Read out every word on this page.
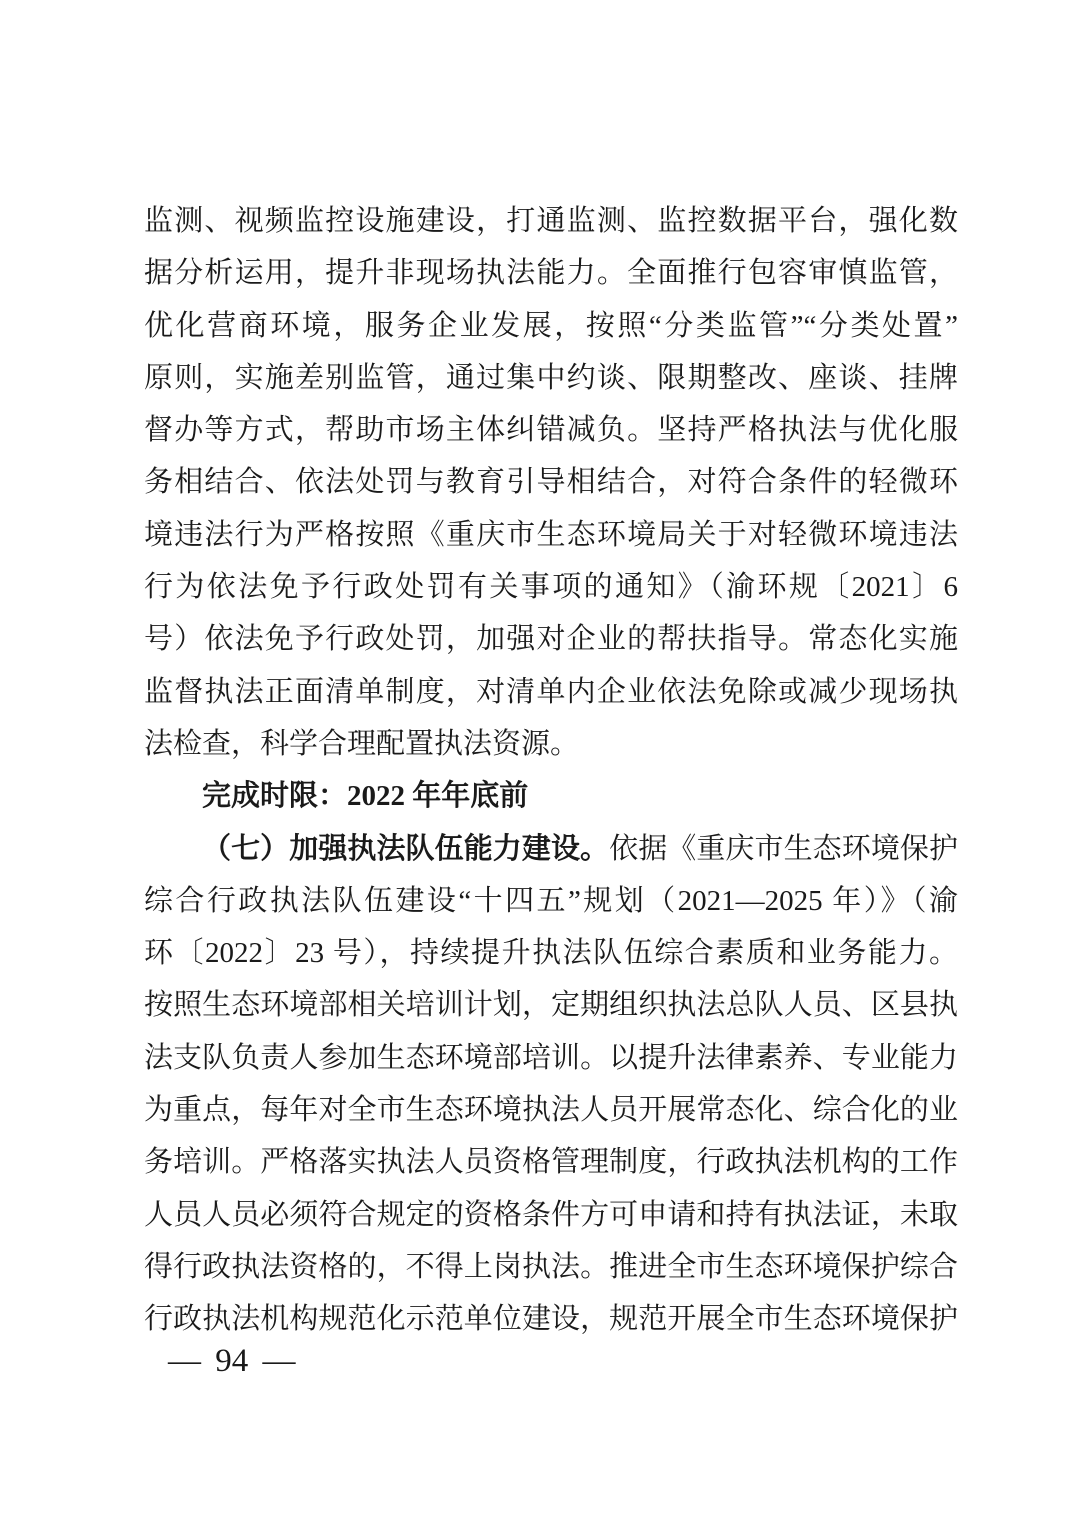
监测、视频监控设施建设，打通监测、监控数据平台，强化数
据分析运用，提升非现场执法能力。全面推行包容审慎监管，
优化营商环境，服务企业发展，按照“分类监管”“分类处置”
原则，实施差别监管，通过集中约谈、限期整改、座谈、挂牌
督办等方式，帮助市场主体纠错减负。坚持严格执法与优化服
务相结合、依法处罚与教育引导相结合，对符合条件的轻微环
境违法行为严格按照《重庆市生态环境局关于对轻微环境违法
行为依法免予行政处罚有关事项的通知》（渝环规〔2021〕6
号）依法免予行政处罚，加强对企业的帮扶指导。常态化实施
监督执法正面清单制度，对清单内企业依法免除或减少现场执
法检查，科学合理配置执法资源。
完成时限：2022 年年底前
（七）加强执法队伍能力建设。依据《重庆市生态环境保护
综合行政执法队伍建设“十四五”规划（2021—2025 年）》（渝
环〔2022〕23 号），持续提升执法队伍综合素质和业务能力。
按照生态环境部相关培训计划，定期组织执法总队人员、区县执
法支队负责人参加生态环境部培训。以提升法律素养、专业能力
为重点，每年对全市生态环境执法人员开展常态化、综合化的业
务培训。严格落实执法人员资格管理制度，行政执法机构的工作
人员人员必须符合规定的资格条件方可申请和持有执法证，未取
得行政执法资格的，不得上岗执法。推进全市生态环境保护综合
行政执法机构规范化示范单位建设，规范开展全市生态环境保护
— 94 —
